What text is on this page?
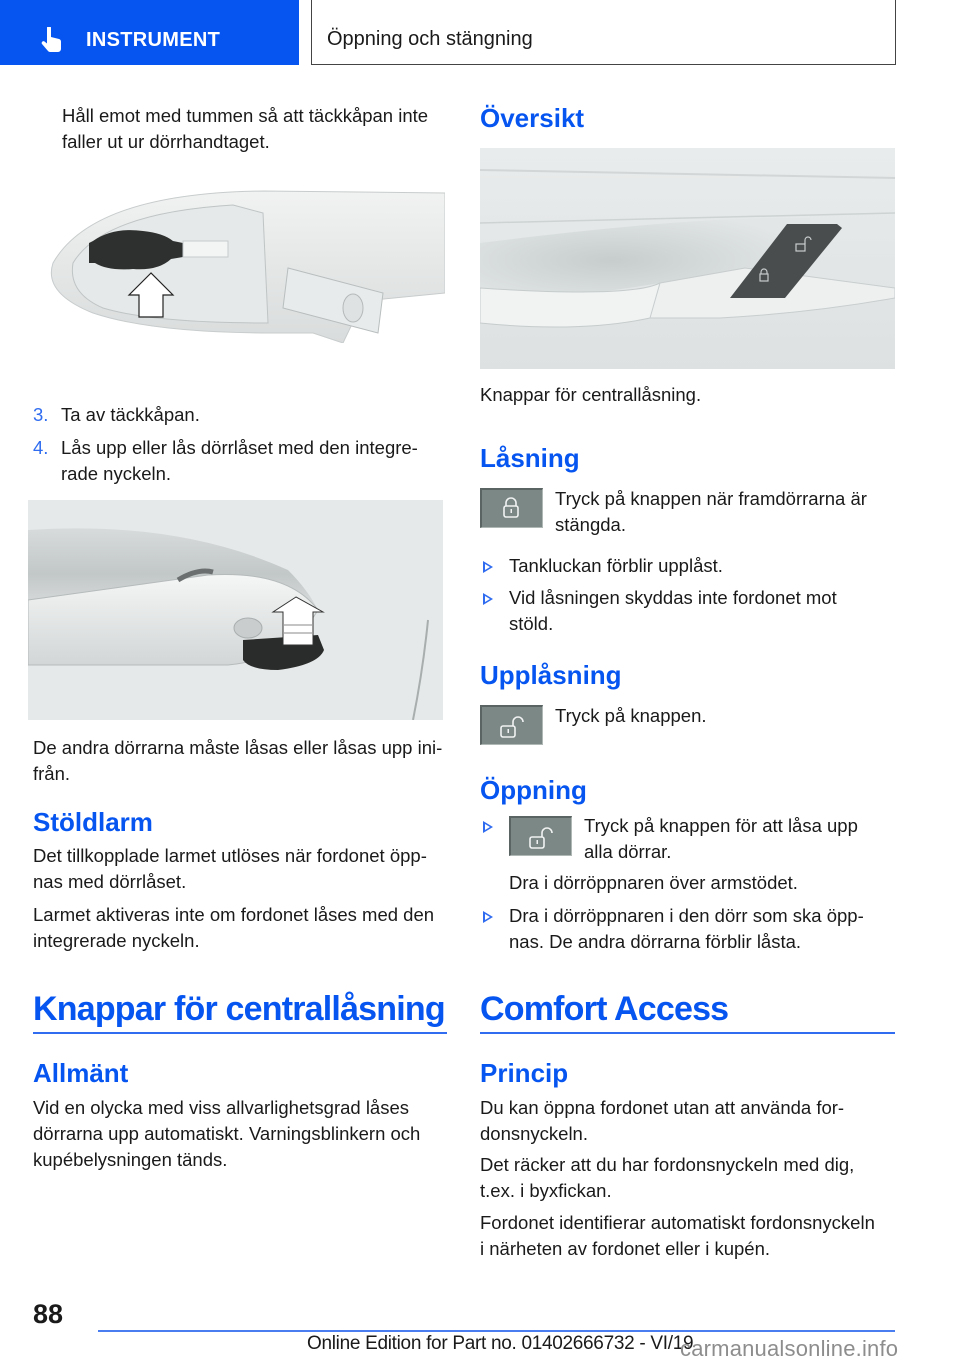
INSTRUMENT	Öppning och stängning
Håll emot med tummen så att täckkåpan inte faller ut ur dörrhandtaget.
3. Ta av täckkåpan.
4. Lås upp eller lås dörrlåset med den integre-
rade nyckeln.
De andra dörrarna måste låsas eller låsas upp ini-
från.
Stöldlarm
Det tillkopplade larmet utlöses när fordonet öpp-
nas med dörrlåset.
Larmet aktiveras inte om fordonet låses med den
integrerade nyckeln.
Knappar för centrallåsning
Allmänt
Vid en olycka med viss allvarlighetsgrad låses
dörrarna upp automatiskt. Varningsblinkern och
kupébelysningen tänds.
Översikt
Knappar för centrallåsning.
Låsning
Tryck på knappen när framdörrarna är
stängda.
Tankluckan förblir upplåst.
Vid låsningen skyddas inte fordonet mot
stöld.
Upplåsning
Tryck på knappen.
Öppning
Tryck på knappen för att låsa upp
alla dörrar.
Dra i dörröppnaren över armstödet.
Dra i dörröppnaren i den dörr som ska öpp-
nas. De andra dörrarna förblir låsta.
Comfort Access
Princip
Du kan öppna fordonet utan att använda for-
donsnyckeln.
Det räcker att du har fordonsnyckeln med dig,
t.ex. i byxfickan.
Fordonet identifierar automatiskt fordonsnyckeln
i närheten av fordonet eller i kupén.
88
Online Edition for Part no. 01402666732 - VI/19
carmanualsonline.info
